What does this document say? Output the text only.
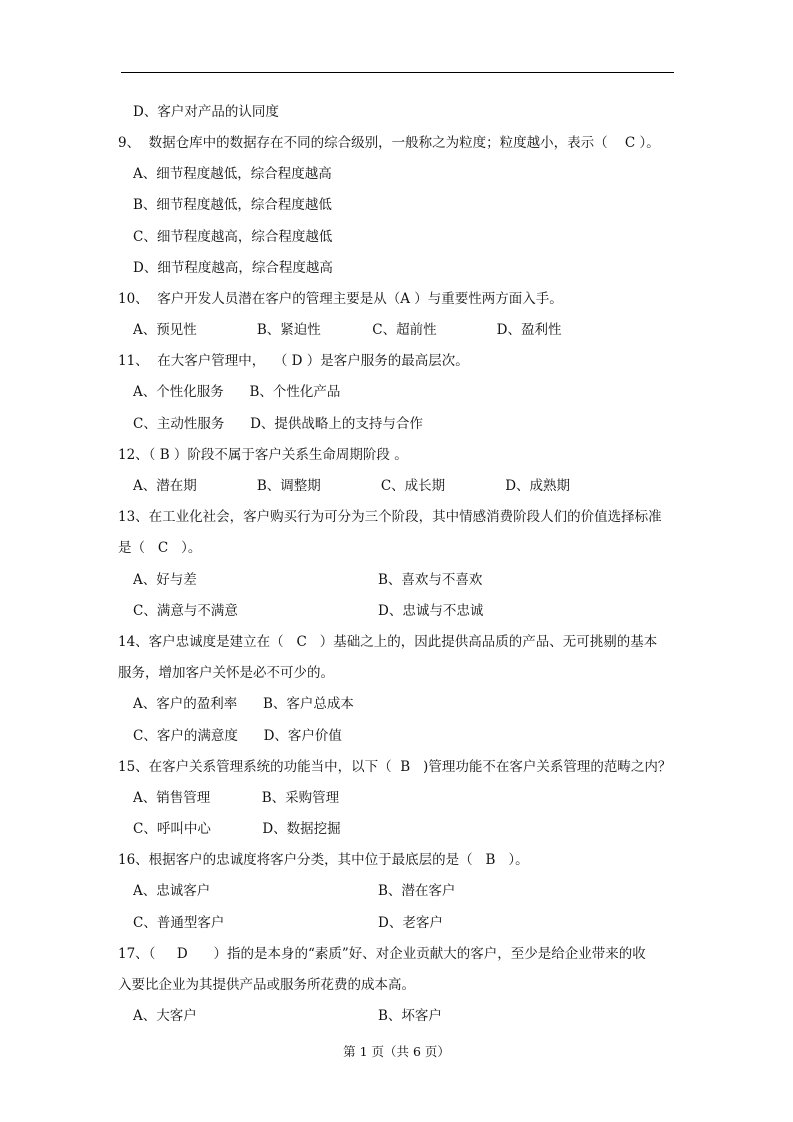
D、客户对产品的认同度
9、  数据仓库中的数据存在不同的综合级别，一般称之为粒度；粒度越小，表示（    C ）。
A、细节程度越低，综合程度越高
B、细节程度越低，综合程度越低
C、细节程度越高，综合程度越低
D、细节程度越高，综合程度越高
10、  客户开发人员潜在客户的管理主要是从（A ）与重要性两方面入手。
A、预见性              B、紧迫性            C、超前性              D、盈利性
11、  在大客户管理中，  （ D ）是客户服务的最高层次。
A、个性化服务      B、个性化产品
C、主动性服务      D、提供战略上的支持与合作
12、（ B ）阶段不属于客户关系生命周期阶段 。
A、潜在期              B、调整期              C、成长期              D、成熟期
13、在工业化社会，客户购买行为可分为三个阶段，其中情感消费阶段人们的价值选择标准
是（   C   ）。
A、好与差	B、喜欢与不喜欢
C、满意与不满意	D、忠诚与不忠诚
14、客户忠诚度是建立在（   C   ）基础之上的，因此提供高品质的产品、无可挑剔的基本
服务，增加客户关怀是必不可少的。
A、客户的盈利率      B、客户总成本
C、客户的满意度      D、客户价值
15、在客户关系管理系统的功能当中，以下（  B   )管理功能不在客户关系管理的范畴之内？
A、销售管理            B、采购管理
C、呼叫中心            D、数据挖掘
16、根据客户的忠诚度将客户分类，其中位于最底层的是（   B   ）。
A、忠诚客户	B、潜在客户
C、普通型客户	D、老客户
17、（     D      ）指的是本身的“素质”好、对企业贡献大的客户，至少是给企业带来的收
入要比企业为其提供产品或服务所花费的成本高。
A、大客户	B、坏客户
第 1 页（共 6 页）
